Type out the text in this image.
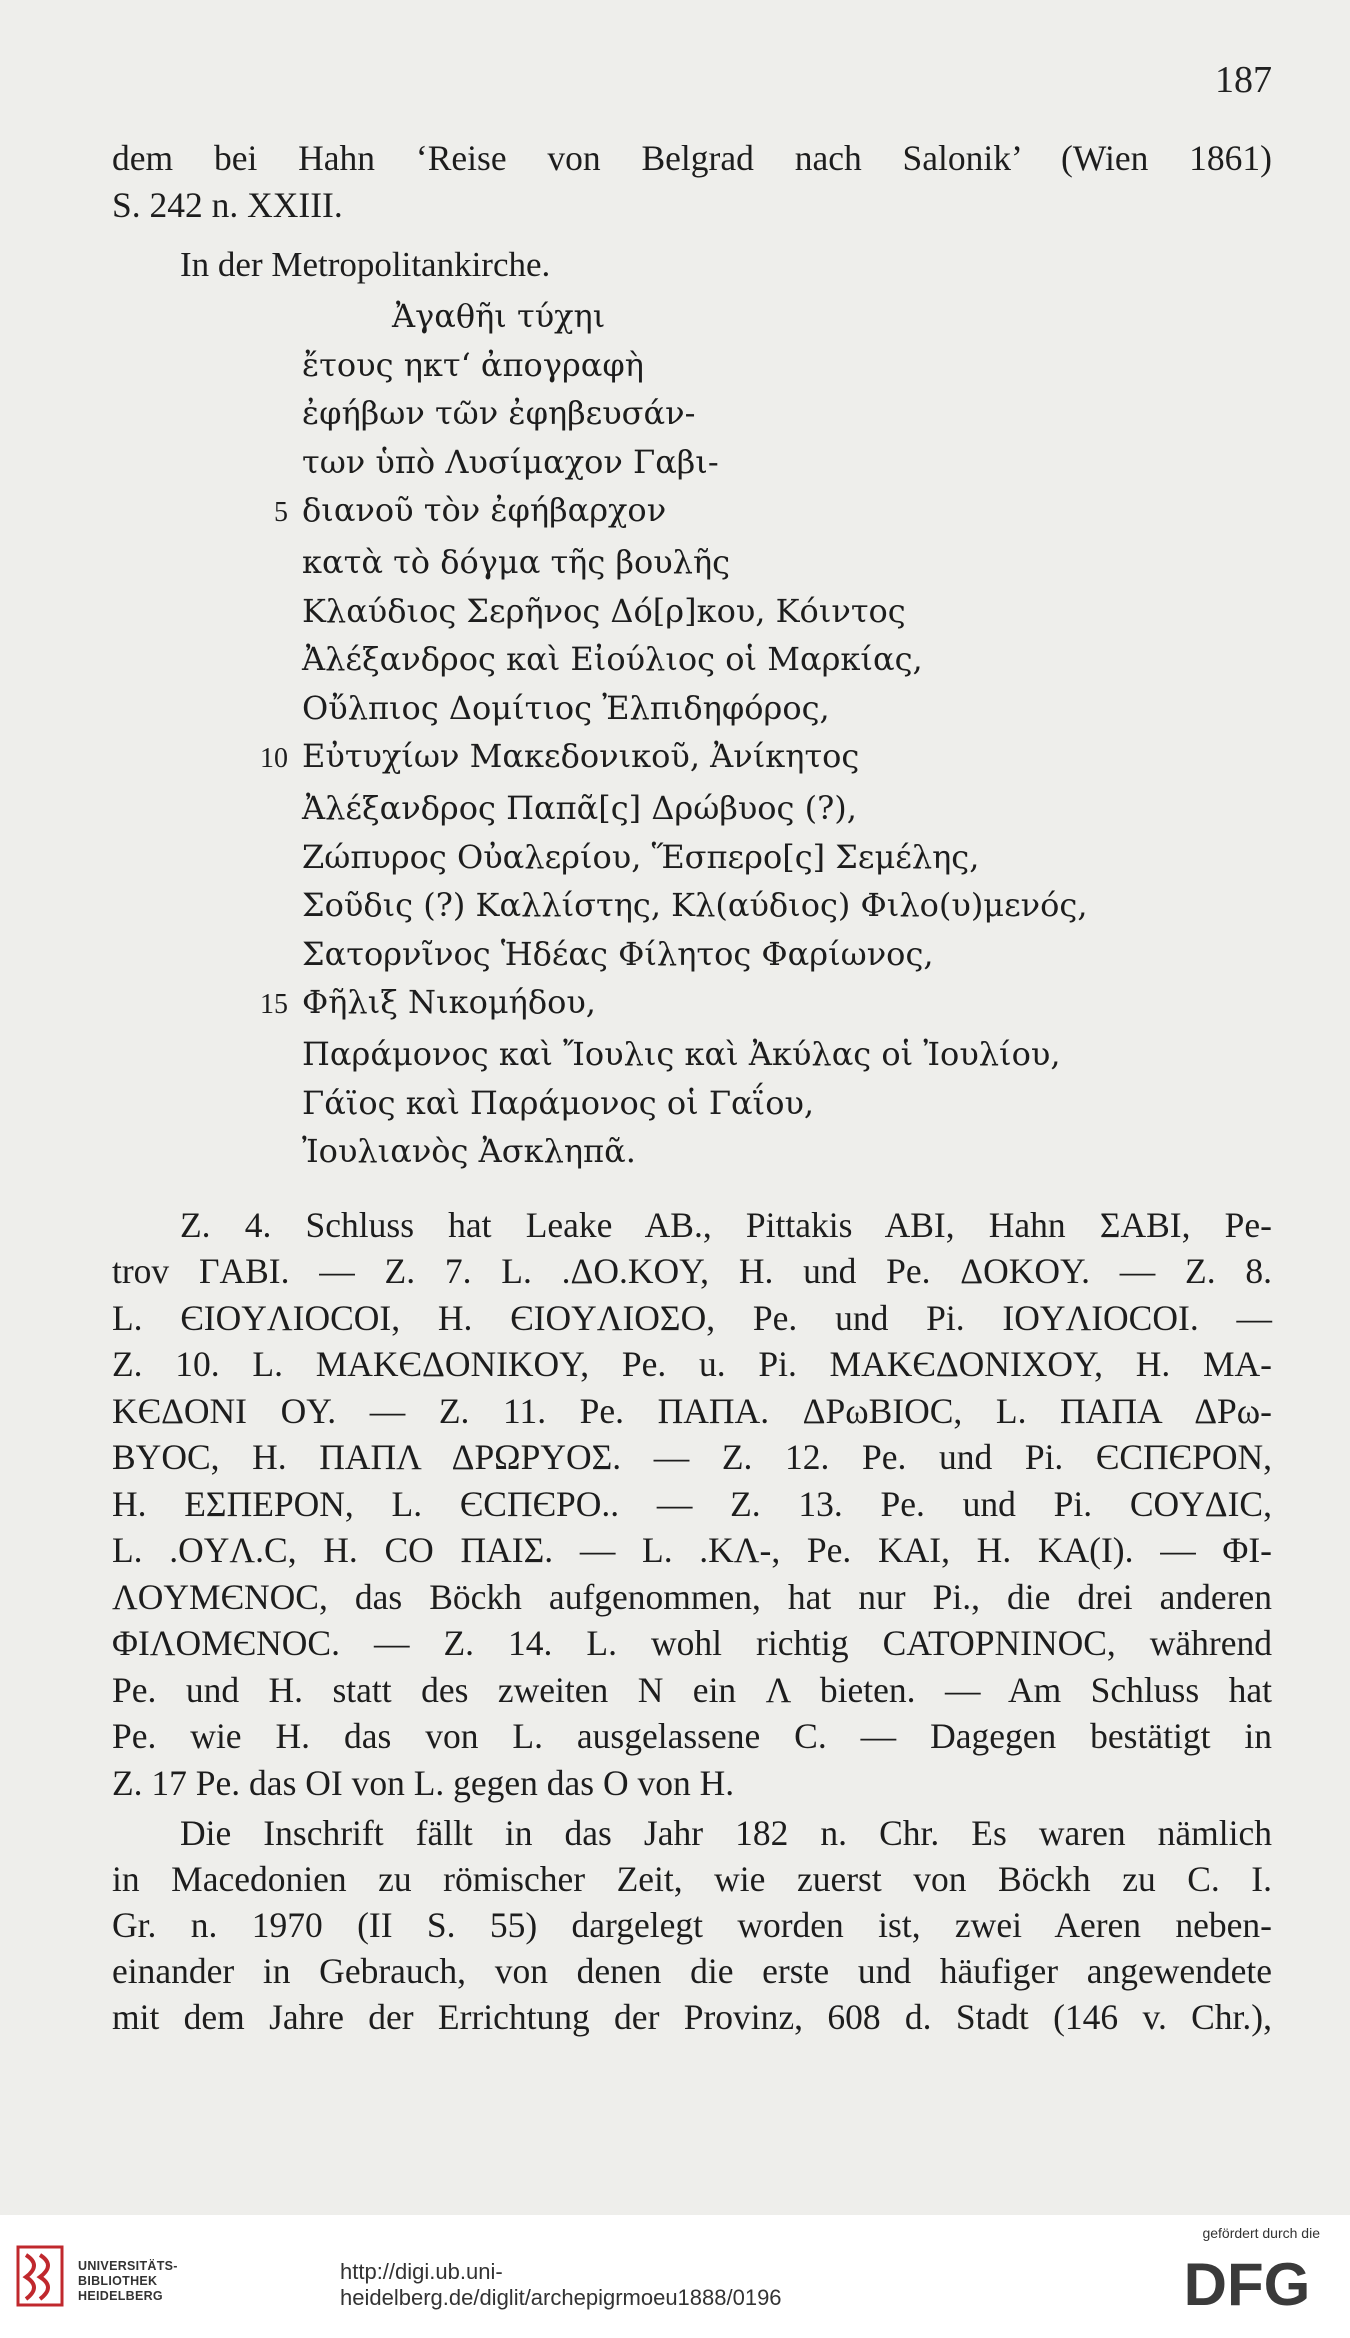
187

dem bei Hahn ‘Reise von Belgrad nach Salonik’ (Wien 1861)

S. 242 n. XXIII.

In der Metropolitankirche.

Ἀγαθῆι τύχηι
ἔτους ηκτ‘ ἀπογραφὴ
ἐφήβων τῶν ἐφηβευσάν-
των ὑπὸ Λυσίμαχον Γαβι-
5 διανοῦ τὸν ἐφήβαρχον
κατὰ τὸ δόγμα τῆς βουλῆς
Κλαύδιος Σερῆνος Δό[ρ]κου, Κόιντος
Ἀλέξανδρος καὶ Εἰούλιος οἱ Μαρκίας,
Οὔλπιος Δομίτιος Ἐλπιδηφόρος,
10 Εὐτυχίων Μακεδονικοῦ, Ἀνίκητος
Ἀλέξανδρος Παπᾶ[ς] Δρώβυος (?),
Ζώπυρος Οὐαλερίου, Ἕσπερο[ς] Σεμέλης,
Σοῦδις (?) Καλλίστης, Κλ(αύδιος) Φιλο(υ)μενός,
Σατορνῖνος Ἡδέας Φίλητος Φαρίωνος,
15 Φῆλιξ Νικομήδου,
Παράμονος καὶ Ἴουλις καὶ Ἀκύλας οἱ Ἰουλίου,
Γάϊος καὶ Παράμονος οἱ Γαΐου,
Ἰουλιανὸς Ἀσκληπᾶ.

Z. 4. Schluss hat Leake AB., Pittakis ABI, Hahn ΣABI, Pe-

trov ΓABI. — Z. 7. L. .ΔO.KOY, H. und Pe. ΔOKOY. — Z. 8.

L. ЄIOYΛIOCOI, H. ЄIOYΛIOΣO, Pe. und Pi. IOYΛIOCOI. —

Z. 10. L. MAKЄΔONIKOY, Pe. u. Pi. MAKЄΔONIXOY, H. MA-

KЄΔONI OY. — Z. 11. Pe. ΠAΠA. ΔPωBIOC, L. ΠAΠA ΔPω-

BYOC, H. ΠAΠΛ ΔPΩPYOΣ. — Z. 12. Pe. und Pi. ЄCΠЄPON,

H. EΣΠEPON, L. ЄCΠЄPO.. — Z. 13. Pe. und Pi. COYΔIC,

L. .OYΛ.C, H. CO ΠAIΣ. — L. .KΛ-, Pe. KAI, H. KA(I). — ΦI-

ΛOYMЄNOC, das Böckh aufgenommen, hat nur Pi., die drei anderen

ΦIΛOMЄNOC. — Z. 14. L. wohl richtig CATOPNINOC, während

Pe. und H. statt des zweiten N ein Λ bieten. — Am Schluss hat

Pe. wie H. das von L. ausgelassene C. — Dagegen bestätigt in

Z. 17 Pe. das OI von L. gegen das O von H.

Die Inschrift fällt in das Jahr 182 n. Chr. Es waren nämlich

in Macedonien zu römischer Zeit, wie zuerst von Böckh zu C. I.

Gr. n. 1970 (II S. 55) dargelegt worden ist, zwei Aeren neben-

einander in Gebrauch, von denen die erste und häufiger angewendete

mit dem Jahre der Errichtung der Provinz, 608 d. Stadt (146 v. Chr.),

UNIVERSITÄTS-
BIBLIOTHEK
HEIDELBERG
http://digi.ub.uni-heidelberg.de/diglit/archepigrmoeu1888/0196
gefördert durch die
DFG
